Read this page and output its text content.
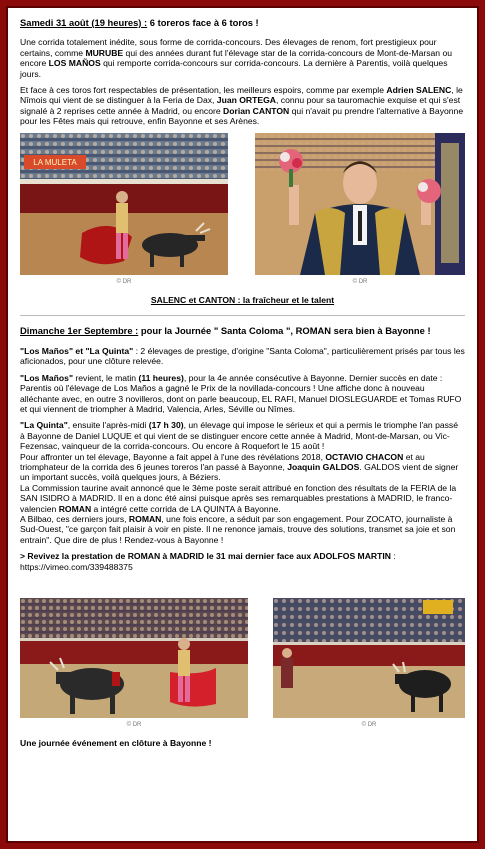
Samedi 31 août (19 heures) : 6 toreros face à 6 toros !

Une corrida totalement inédite, sous forme de corrida-concours. Des élevages de renom, fort prestigieux pour certains, comme MURUBE qui des années durant fut l'élevage star de la corrida-concours de Mont-de-Marsan ou encore LOS MAÑOS qui remporte corrida-concours sur corrida-concours. La dernière à Parentis, voilà quelques jours.

Et face à ces toros fort respectables de présentation, les meilleurs espoirs, comme par exemple Adrien SALENC, le Nîmois qui vient de se distinguer à la Feria de Dax, Juan ORTEGA, connu pour sa tauromachie exquise et qui s'est signalé à 2 reprises cette année à Madrid, ou encore Dorian CANTON qui n'avait pu prendre l'alternative à Bayonne pour les Fêtes mais qui retrouve, enfin Bayonne et ses Arènes.

LA MULETA
© DR	© DR
SALENC et CANTON : la fraîcheur et le talent
Dimanche 1er Septembre : pour la Journée " Santa Coloma ", ROMAN sera bien à Bayonne !

"Los Maños" et "La Quinta" : 2 élevages de prestige, d'origine "Santa Coloma", particulièrement prisés par tous les aficionados, pour une clôture relevée.

"Los Maños" revient, le matin (11 heures), pour la 4e année consécutive à Bayonne. Dernier succès en date : Parentis où l'élevage de Los Maños a gagné le Prix de la novillada-concours ! Une affiche donc à nouveau alléchante avec, en outre 3 novilleros, dont on parle beaucoup, EL RAFI, Manuel DIOSLEGUARDE et Tomas RUFO et qui viennent de triompher à Madrid, Valencia, Arles, Séville ou Nîmes.

"La Quinta", ensuite l'après-midi (17 h 30), un élevage qui impose le sérieux et qui a permis le triomphe l'an passé à Bayonne de Daniel LUQUE et qui vient de se distinguer encore cette année à Madrid, Mont-de-Marsan, ou Vic-Fezensac, vainqueur de la corrida-concours. Ou encore à Roquefort le 15 août !

Pour affronter un tel élevage, Bayonne a fait appel à l'une des révélations 2018, OCTAVIO CHACON et au triomphateur de la corrida des 6 jeunes toreros l'an passé à Bayonne, Joaquin GALDOS. GALDOS vient de signer un important succès, voilà quelques jours, à Béziers.

La Commission taurine avait annoncé que le 3ème poste serait attribué en fonction des résultats de la FERIA de la SAN ISIDRO à MADRID. Il en a donc été ainsi puisque après ses remarquables prestations à MADRID, le franco-valencien ROMAN a intégré cette corrida de LA QUINTA à Bayonne.

A Bilbao, ces derniers jours, ROMAN, une fois encore, a séduit par son engagement. Pour ZOCATO, journaliste à Sud-Ouest, "ce garçon fait plaisir à voir en piste. Il ne renonce jamais, trouve des solutions, transmet sa joie et son entrain". Que dire de plus ! Rendez-vous à Bayonne !

> Revivez la prestation de ROMAN à MADRID le 31 mai dernier face aux ADOLFOS MARTIN :
https://vimeo.com/339488375

© DR	© DR
Une journée événement en clôture à Bayonne !
